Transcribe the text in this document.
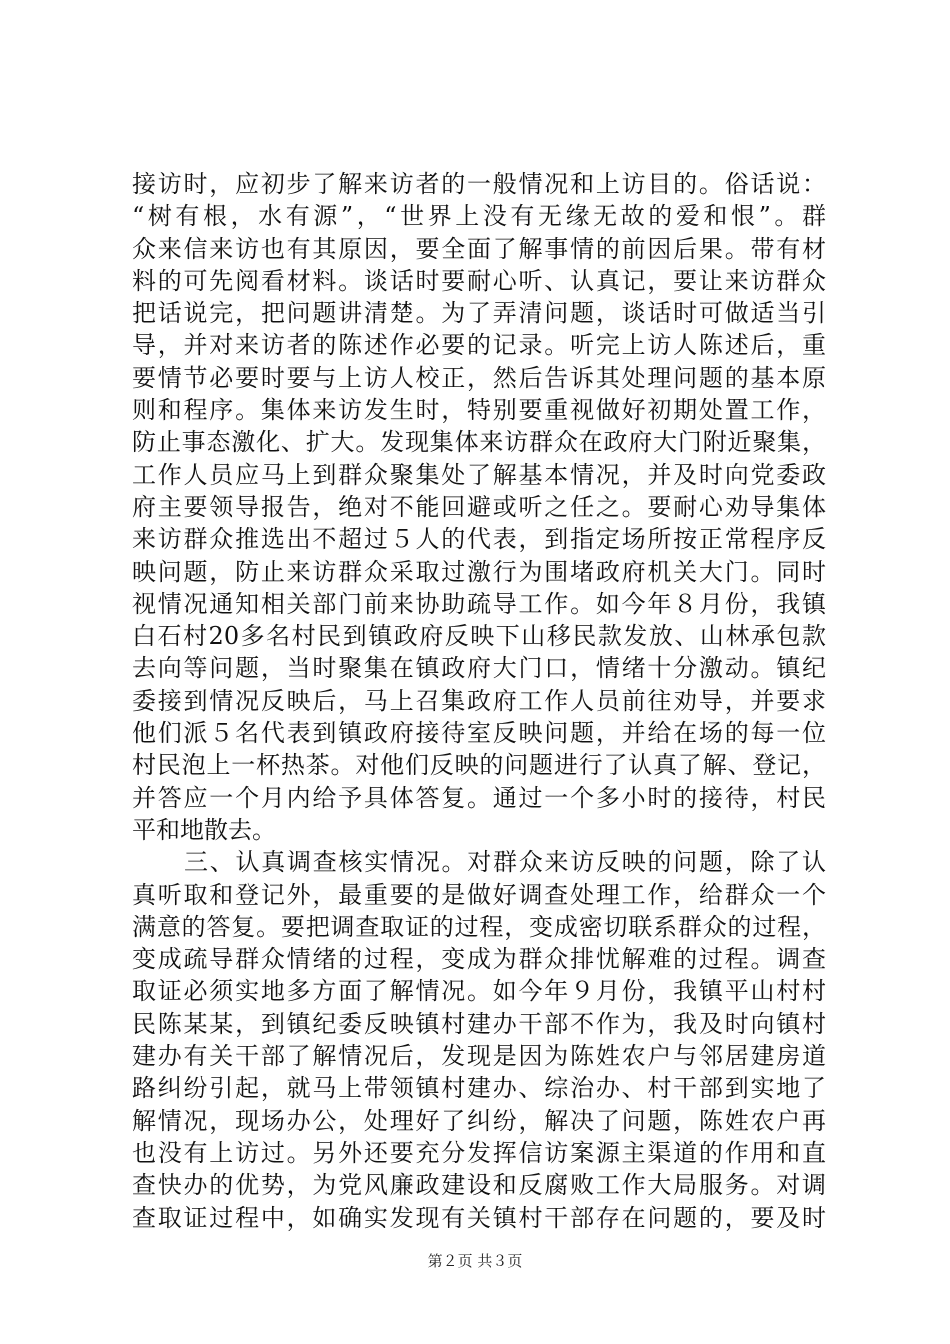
接访时，应初步了解来访者的一般情况和上访目的。俗话说：
“树有根，水有源”，“世界上没有无缘无故的爱和恨”。群
众来信来访也有其原因，要全面了解事情的前因后果。带有材
料的可先阅看材料。谈话时要耐心听、认真记，要让来访群众
把话说完，把问题讲清楚。为了弄清问题，谈话时可做适当引
导，并对来访者的陈述作必要的记录。听完上访人陈述后，重
要情节必要时要与上访人校正，然后告诉其处理问题的基本原
则和程序。集体来访发生时，特别要重视做好初期处置工作，
防止事态激化、扩大。发现集体来访群众在政府大门附近聚集，
工作人员应马上到群众聚集处了解基本情况，并及时向党委政
府主要领导报告，绝对不能回避或听之任之。要耐心劝导集体
来访群众推选出不超过５人的代表，到指定场所按正常程序反
映问题，防止来访群众采取过激行为围堵政府机关大门。同时
视情况通知相关部门前来协助疏导工作。如今年８月份，我镇
白石村20多名村民到镇政府反映下山移民款发放、山林承包款
去向等问题，当时聚集在镇政府大门口，情绪十分激动。镇纪
委接到情况反映后，马上召集政府工作人员前往劝导，并要求
他们派５名代表到镇政府接待室反映问题，并给在场的每一位
村民泡上一杯热茶。对他们反映的问题进行了认真了解、登记，
并答应一个月内给予具体答复。通过一个多小时的接待，村民
平和地散去。
三、认真调查核实情况。对群众来访反映的问题，除了认
真听取和登记外，最重要的是做好调查处理工作，给群众一个
满意的答复。要把调查取证的过程，变成密切联系群众的过程，
变成疏导群众情绪的过程，变成为群众排忧解难的过程。调查
取证必须实地多方面了解情况。如今年９月份，我镇平山村村
民陈某某，到镇纪委反映镇村建办干部不作为，我及时向镇村
建办有关干部了解情况后，发现是因为陈姓农户与邻居建房道
路纠纷引起，就马上带领镇村建办、综治办、村干部到实地了
解情况，现场办公，处理好了纠纷，解决了问题，陈姓农户再
也没有上访过。另外还要充分发挥信访案源主渠道的作用和直
查快办的优势，为党风廉政建设和反腐败工作大局服务。对调
查取证过程中，如确实发现有关镇村干部存在问题的，要及时
第２页 共３页
